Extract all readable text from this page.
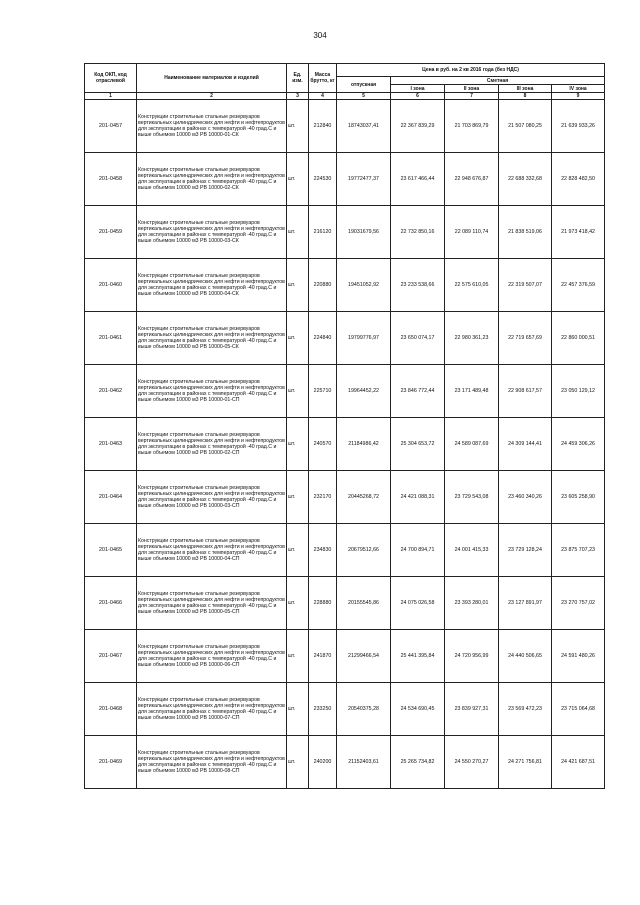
304
Код ОКП, код отраслевой	Наименование материалов и изделий	Ед. изм.	Масса брутто, кг	Цена в руб. на 2 кв 2016 года (без НДС)				
				отпускная	Сметная			
					I зона	II зона	III зона	IV зона
1	2	3	4	5	6	7	8	9
201-0457	Конструкции строительные стальные резервуаров вертикальных цилиндрических для нефти и нефтепродуктов для эксплуатации в районах с температурой -40 град.С и выше объемом 10000 м3 РВ 10000-01-СК	шт.	212840	18743037,41	22 367 839,29	21 703 869,79	21 507 080,25	21 639 933,26
201-0458	Конструкции строительные стальные резервуаров вертикальных цилиндрических для нефти и нефтепродуктов для эксплуатации в районах с температурой -40 град.С и выше объемом 10000 м3 РВ 10000-02-СК	шт.	224530	19772477,37	23 617 466,44	22 948 676,87	22 688 332,68	22 828 482,50
201-0459	Конструкции строительные стальные резервуаров вертикальных цилиндрических для нефти и нефтепродуктов для эксплуатации в районах с температурой -40 град.С и выше объемом 10000 м3 РВ 10000-03-СК	шт.	216120	19031679,56	22 732 850,16	22 089 110,74	21 838 519,06	21 973 418,42
201-0460	Конструкции строительные стальные резервуаров вертикальных цилиндрических для нефти и нефтепродуктов для эксплуатации в районах с температурой -40 град.С и выше объемом 10000 м3 РВ 10000-04-СК	шт.	220880	19451052,92	23 233 538,66	22 575 610,05	22 319 507,07	22 457 376,59
201-0461	Конструкции строительные стальные резервуаров вертикальных цилиндрических для нефти и нефтепродуктов для эксплуатации в районах с температурой -40 град.С и выше объемом 10000 м3 РВ 10000-05-СК	шт.	224840	19799776,97	23 650 074,17	22 980 361,23	22 719 657,69	22 860 000,51
201-0462	Конструкции строительные стальные резервуаров вертикальных цилиндрических для нефти и нефтепродуктов для эксплуатации в районах с температурой -40 град.С и выше объемом 10000 м3 РВ 10000-01-СП	шт.	225710	19964452,22	23 846 772,44	23 171 489,48	22 908 617,57	23 050 129,12
201-0463	Конструкции строительные стальные резервуаров вертикальных цилиндрических для нефти и нефтепродуктов для эксплуатации в районах с температурой -40 град.С и выше объемом 10000 м3 РВ 10000-02-СП	шт.	240570	21184986,42	25 304 653,72	24 589 087,69	24 309 144,41	24 459 306,26
201-0464	Конструкции строительные стальные резервуаров вертикальных цилиндрических для нефти и нефтепродуктов для эксплуатации в районах с температурой -40 град.С и выше объемом 10000 м3 РВ 10000-03-СП	шт.	232170	20445268,72	24 421 088,31	23 729 543,08	23 460 340,26	23 605 258,90
201-0465	Конструкции строительные стальные резервуаров вертикальных цилиндрических для нефти и нефтепродуктов для эксплуатации в районах с температурой -40 град.С и выше объемом 10000 м3 РВ 10000-04-СП	шт.	234830	20679512,66	24 700 894,71	24 001 415,33	23 729 128,24	23 875 707,23
201-0466	Конструкции строительные стальные резервуаров вертикальных цилиндрических для нефти и нефтепродуктов для эксплуатации в районах с температурой -40 град.С и выше объемом 10000 м3 РВ 10000-05-СП	шт.	228880	20155545,86	24 075 026,58	23 393 280,01	23 127 891,97	23 270 757,02
201-0467	Конструкции строительные стальные резервуаров вертикальных цилиндрических для нефти и нефтепродуктов для эксплуатации в районах с температурой -40 град.С и выше объемом 10000 м3 РВ 10000-06-СП	шт.	241870	21299466,54	25 441 395,84	24 720 956,99	24 440 506,65	24 591 480,26
201-0468	Конструкции строительные стальные резервуаров вертикальных цилиндрических для нефти и нефтепродуктов для эксплуатации в районах с температурой -40 град.С и выше объемом 10000 м3 РВ 10000-07-СП	шт.	233250	20540375,28	24 534 690,45	23 839 927,31	23 569 472,23	23 715 064,68
201-0469	Конструкции строительные стальные резервуаров вертикальных цилиндрических для нефти и нефтепродуктов для эксплуатации в районах с температурой -40 град.С и выше объемом 10000 м3 РВ 10000-08-СП	шт.	240200	21152403,61	25 265 734,82	24 550 270,27	24 271 756,81	24 421 687,51
